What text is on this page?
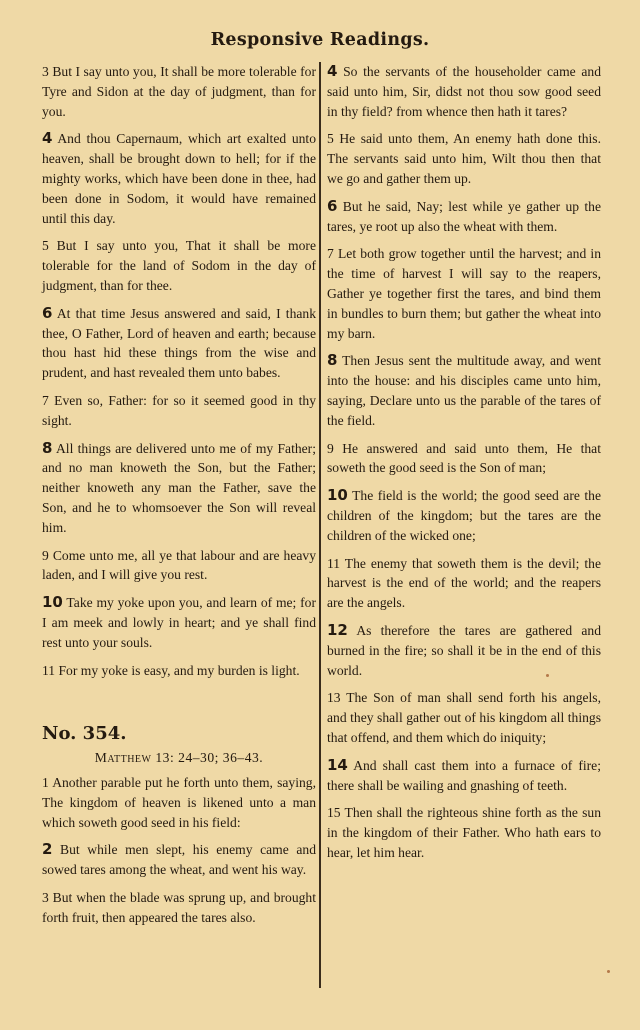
Responsive Readings.

3 But I say unto you, It shall be more tolerable for Tyre and Sidon at the day of judgment, than for you.

4 And thou Capernaum, which art exalted unto heaven, shall be brought down to hell; for if the mighty works, which have been done in thee, had been done in Sodom, it would have remained until this day.

5 But I say unto you, That it shall be more tolerable for the land of Sodom in the day of judgment, than for thee.

6 At that time Jesus answered and said, I thank thee, O Father, Lord of heaven and earth; because thou hast hid these things from the wise and prudent, and hast revealed them unto babes.

7 Even so, Father: for so it seemed good in thy sight.

8 All things are delivered unto me of my Father; and no man knoweth the Son, but the Father; neither knoweth any man the Father, save the Son, and he to whomsoever the Son will reveal him.

9 Come unto me, all ye that labour and are heavy laden, and I will give you rest.

10 Take my yoke upon you, and learn of me; for I am meek and lowly in heart; and ye shall find rest unto your souls.

11 For my yoke is easy, and my burden is light.

No. 354.
Matthew 13: 24–30; 36–43.

1 Another parable put he forth unto them, saying, The kingdom of heaven is likened unto a man which soweth good seed in his field:

2 But while men slept, his enemy came and sowed tares among the wheat, and went his way.

3 But when the blade was sprung up, and brought forth fruit, then appeared the tares also.

4 So the servants of the householder came and said unto him, Sir, didst not thou sow good seed in thy field? from whence then hath it tares?

5 He said unto them, An enemy hath done this. The servants said unto him, Wilt thou then that we go and gather them up.

6 But he said, Nay; lest while ye gather up the tares, ye root up also the wheat with them.

7 Let both grow together until the harvest; and in the time of harvest I will say to the reapers, Gather ye together first the tares, and bind them in bundles to burn them; but gather the wheat into my barn.

8 Then Jesus sent the multitude away, and went into the house: and his disciples came unto him, saying, Declare unto us the parable of the tares of the field.

9 He answered and said unto them, He that soweth the good seed is the Son of man;

10 The field is the world; the good seed are the children of the kingdom; but the tares are the children of the wicked one;

11 The enemy that soweth them is the devil; the harvest is the end of the world; and the reapers are the angels.

12 As therefore the tares are gathered and burned in the fire; so shall it be in the end of this world.

13 The Son of man shall send forth his angels, and they shall gather out of his kingdom all things that offend, and them which do iniquity;

14 And shall cast them into a furnace of fire; there shall be wailing and gnashing of teeth.

15 Then shall the righteous shine forth as the sun in the kingdom of their Father. Who hath ears to hear, let him hear.
